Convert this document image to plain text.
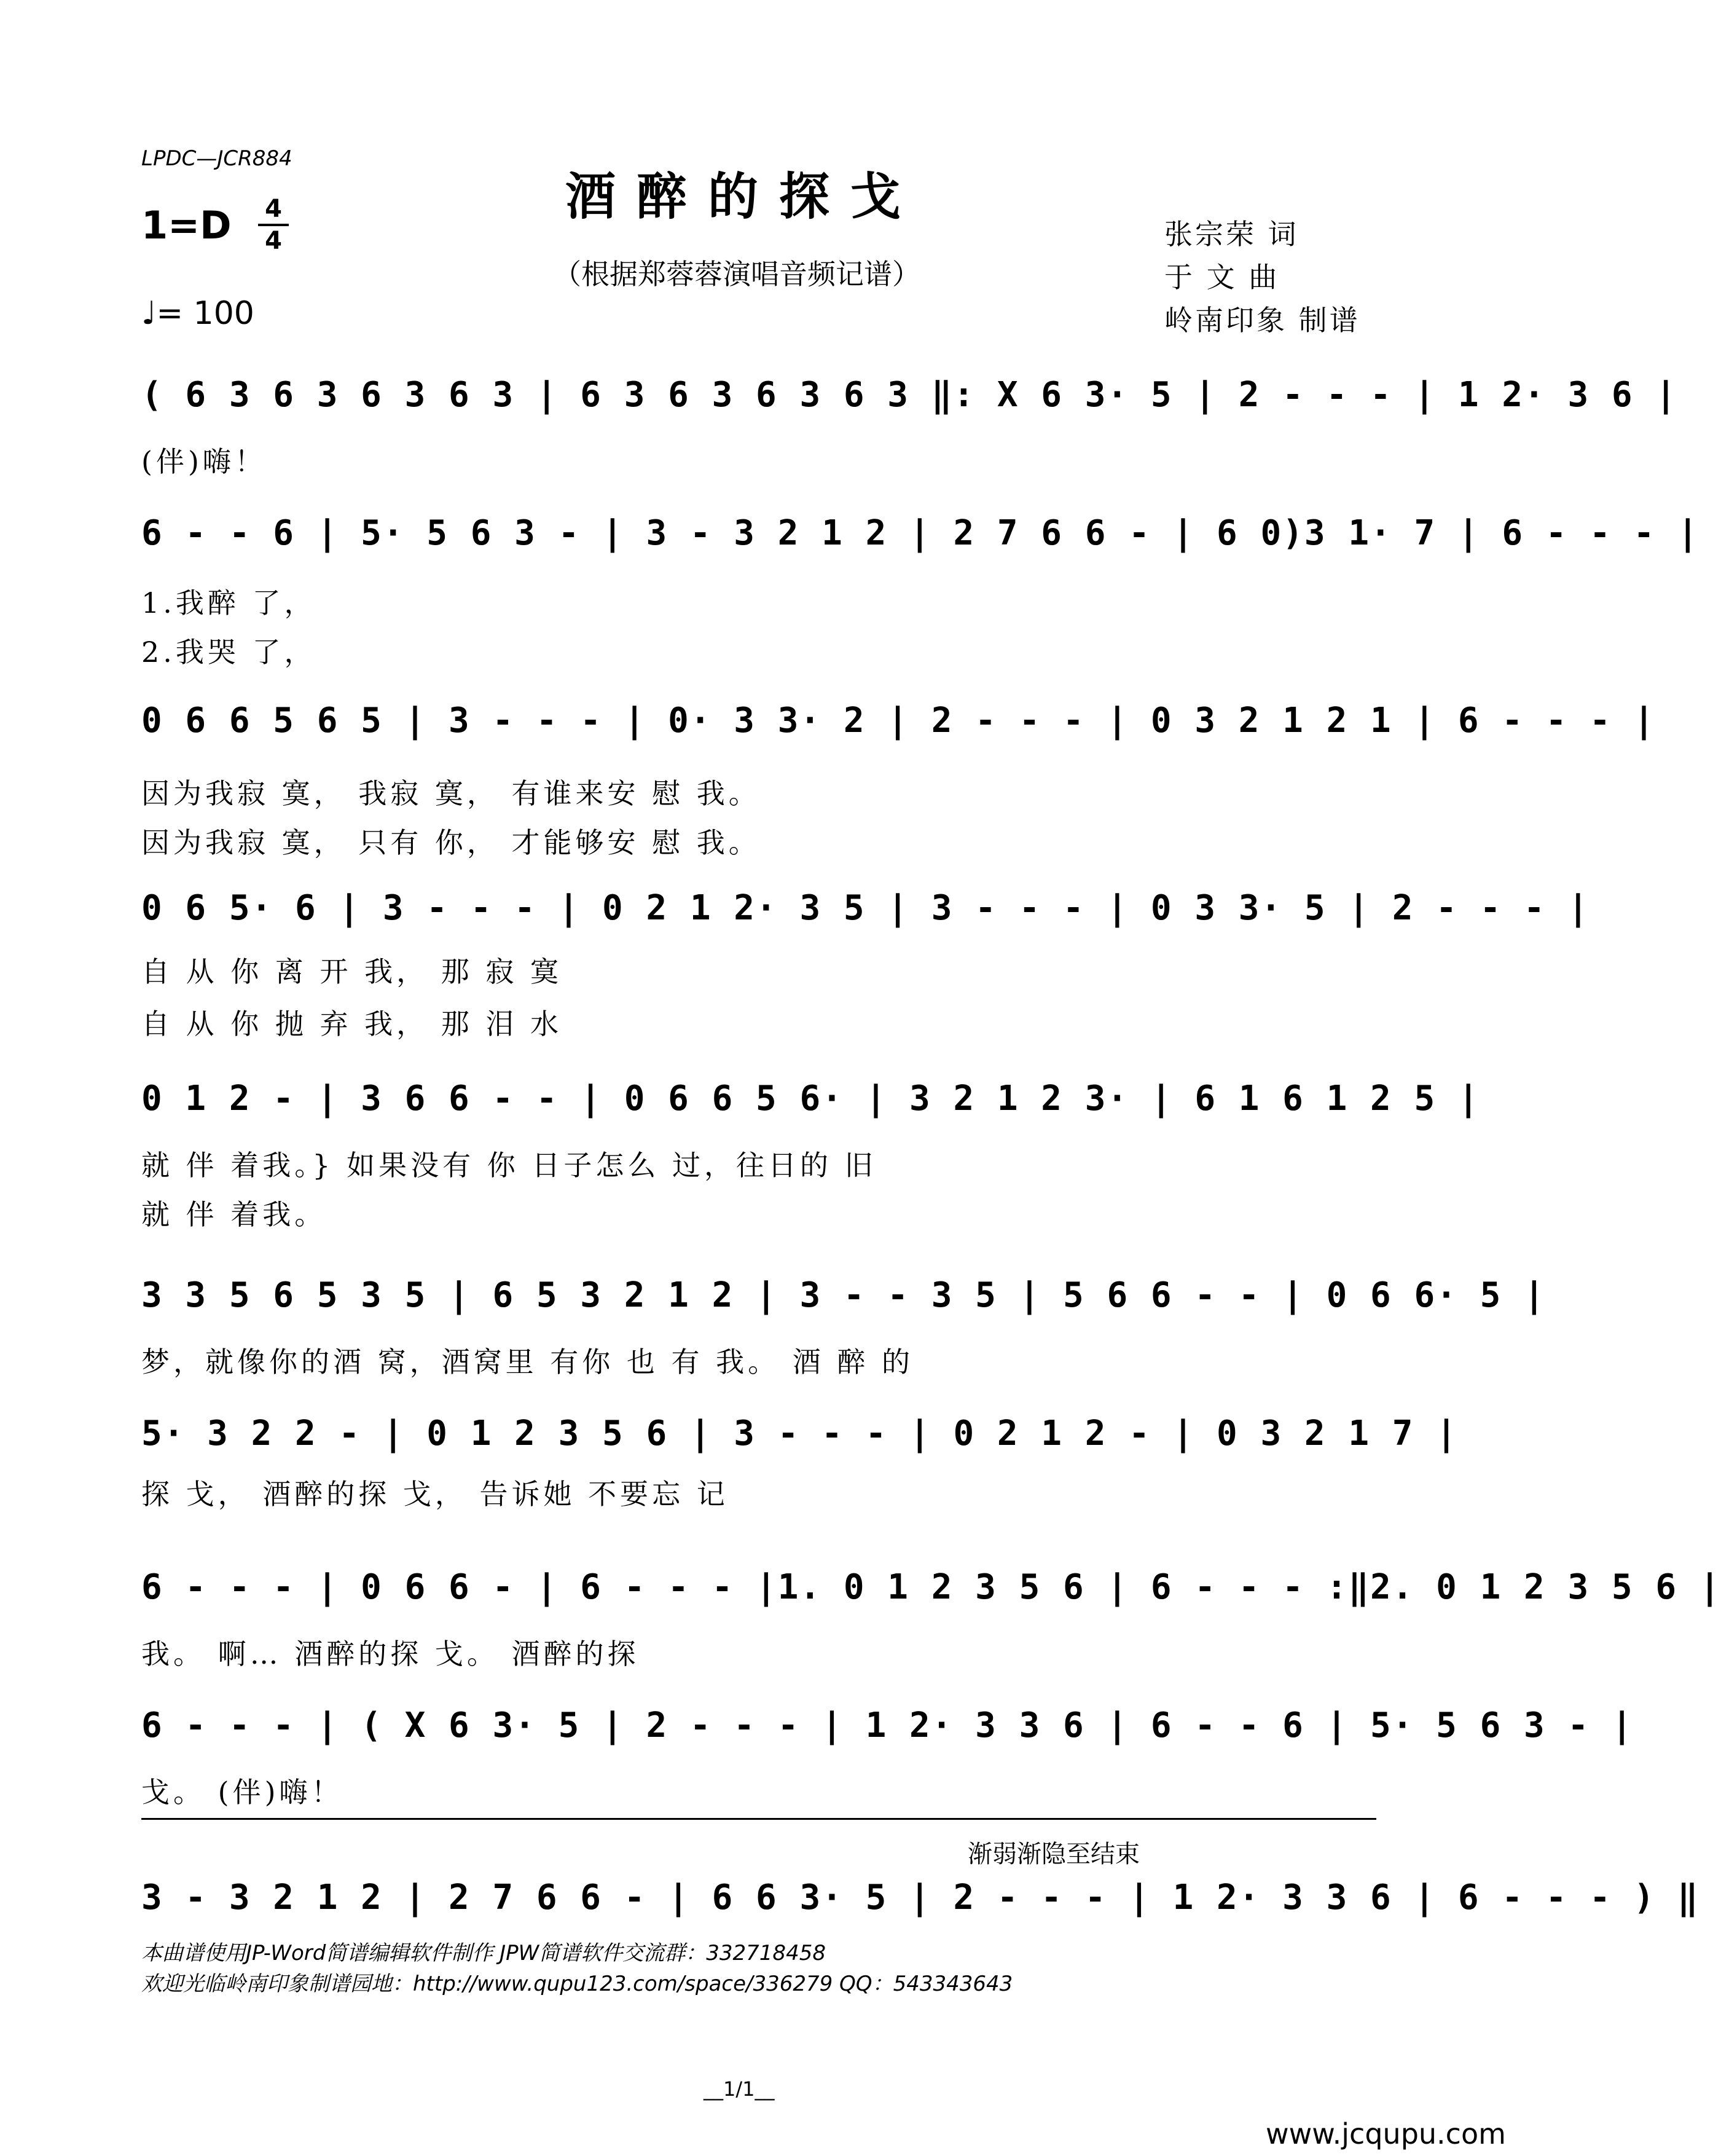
LPDC—JCR884
酒醉的探戈
（根据郑蓉蓉演唱音频记谱）
1=D 4
4
♩= 100
张宗荣 词
于 文 曲
岭南印象 制谱
( 6 3 6 3 6 3 6 3 | 6 3 6 3 6 3 6 3 ‖: X 6 3· 5 | 2 - - - | 1 2· 3 6 |
(伴)嗨！
6 - - 6 | 5· 5 6 3 - | 3 - 3 2 1 2 | 2 7 6 6 - | 6 0)3 1· 7 | 6 - - - |
1.我醉 了，
2.我哭 了，
0 6 6 5 6 5 | 3 - - - | 0· 3 3· 2 | 2 - - - | 0 3 2 1 2 1 | 6 - - - |
因为我寂 寞， 我寂 寞， 有谁来安 慰 我。
因为我寂 寞， 只有 你， 才能够安 慰 我。
0 6 5· 6 | 3 - - - | 0 2 1 2· 3 5 | 3 - - - | 0 3 3· 5 | 2 - - - |
自 从 你 离 开 我， 那 寂 寞
自 从 你 抛 弃 我， 那 泪 水
0 1 2 - | 3 6 6 - - | 0 6 6 5 6· | 3 2 1 2 3· | 6 1 6 1 2 5 |
就 伴 着我。} 如果没有 你 日子怎么 过，往日的 旧
就 伴 着我。
3 3 5 6 5 3 5 | 6 5 3 2 1 2 | 3 - - 3 5 | 5 6 6 - - | 0 6 6· 5 |
梦，就像你的酒 窝，酒窝里 有你 也 有 我。 酒 醉 的
5· 3 2 2 - | 0 1 2 3 5 6 | 3 - - - | 0 2 1 2 - | 0 3 2 1 7 |
探 戈， 酒醉的探 戈， 告诉她 不要忘 记
6 - - - | 0 6 6 - | 6 - - - |1. 0 1 2 3 5 6 | 6 - - - :‖2. 0 1 2 3 5 6 |
我。 啊… 酒醉的探 戈。 酒醉的探
6 - - - | ( X 6 3· 5 | 2 - - - | 1 2· 3 3 6 | 6 - - 6 | 5· 5 6 3 - |
戈。 (伴)嗨！
渐弱渐隐至结束
3 - 3 2 1 2 | 2 7 6 6 - | 6 6 3· 5 | 2 - - - | 1 2· 3 3 6 | 6 - - - ) ‖
本曲谱使用JP-Word简谱编辑软件制作 JPW简谱软件交流群：332718458
欢迎光临岭南印象制谱园地：http://www.qupu123.com/space/336279 QQ：543343643
__1/1__
www.jcqupu.com
